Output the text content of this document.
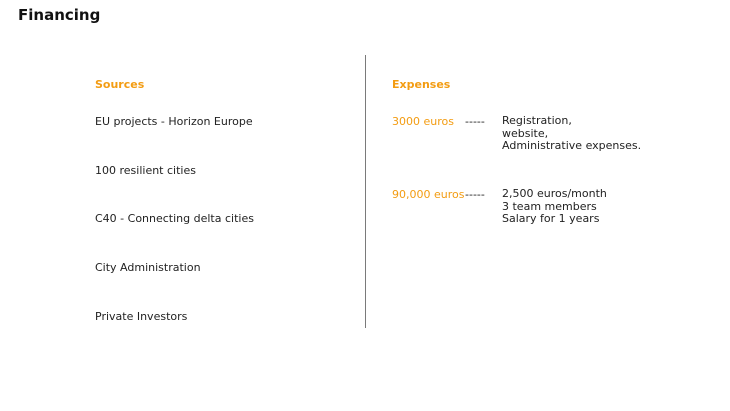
Financing
Sources
EU projects - Horizon Europe
100 resilient cities
C40 - Connecting delta cities
City Administration
Private Investors
Expenses
3000 euros ----- Registration,
website,
Administrative expenses.
90,000 euros ----- 2,500 euros/month
3 team members
Salary for 1 years
